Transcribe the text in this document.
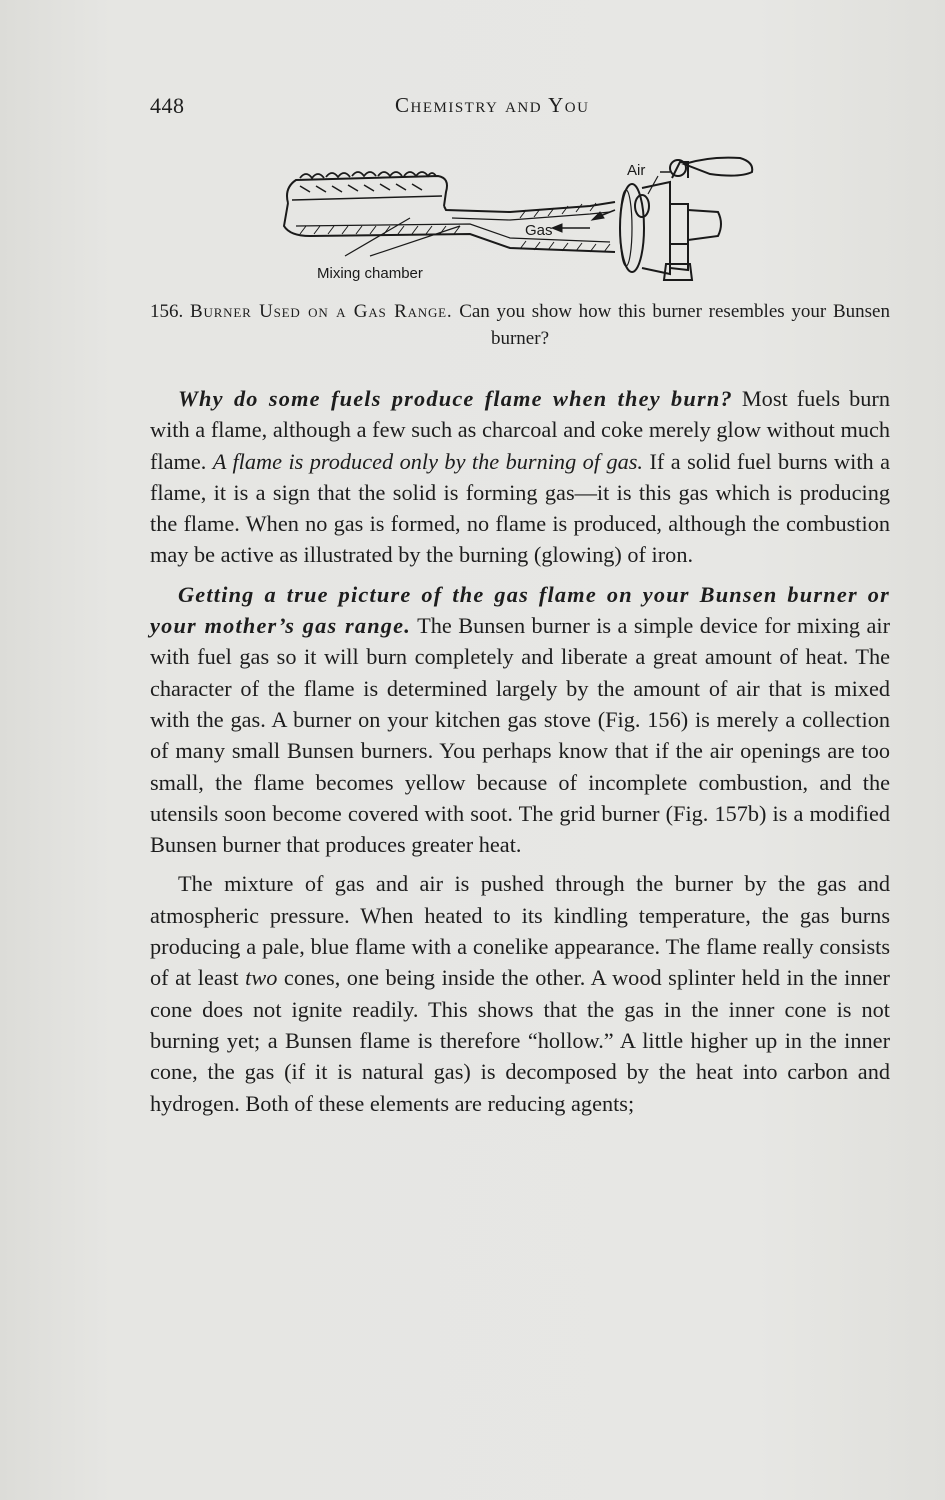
448	Chemistry and You
Air
Gas
Mixing chamber
156. Burner Used on a Gas Range. Can you show how this burner resembles your Bunsen burner?

Why do some fuels produce flame when they burn? Most fuels burn with a flame, although a few such as charcoal and coke merely glow without much flame. A flame is produced only by the burning of gas. If a solid fuel burns with a flame, it is a sign that the solid is forming gas—it is this gas which is producing the flame. When no gas is formed, no flame is produced, although the combustion may be active as illustrated by the burning (glowing) of iron.

Getting a true picture of the gas flame on your Bunsen burner or your mother’s gas range. The Bunsen burner is a simple device for mixing air with fuel gas so it will burn completely and liberate a great amount of heat. The character of the flame is determined largely by the amount of air that is mixed with the gas. A burner on your kitchen gas stove (Fig. 156) is merely a collection of many small Bunsen burners. You perhaps know that if the air openings are too small, the flame becomes yellow because of incomplete combustion, and the utensils soon become covered with soot. The grid burner (Fig. 157b) is a modified Bunsen burner that produces greater heat.

The mixture of gas and air is pushed through the burner by the gas and atmospheric pressure. When heated to its kindling temperature, the gas burns producing a pale, blue flame with a conelike appearance. The flame really consists of at least two cones, one being inside the other. A wood splinter held in the inner cone does not ignite readily. This shows that the gas in the inner cone is not burning yet; a Bunsen flame is therefore “hollow.” A little higher up in the inner cone, the gas (if it is natural gas) is decomposed by the heat into carbon and hydrogen. Both of these elements are reducing agents;
